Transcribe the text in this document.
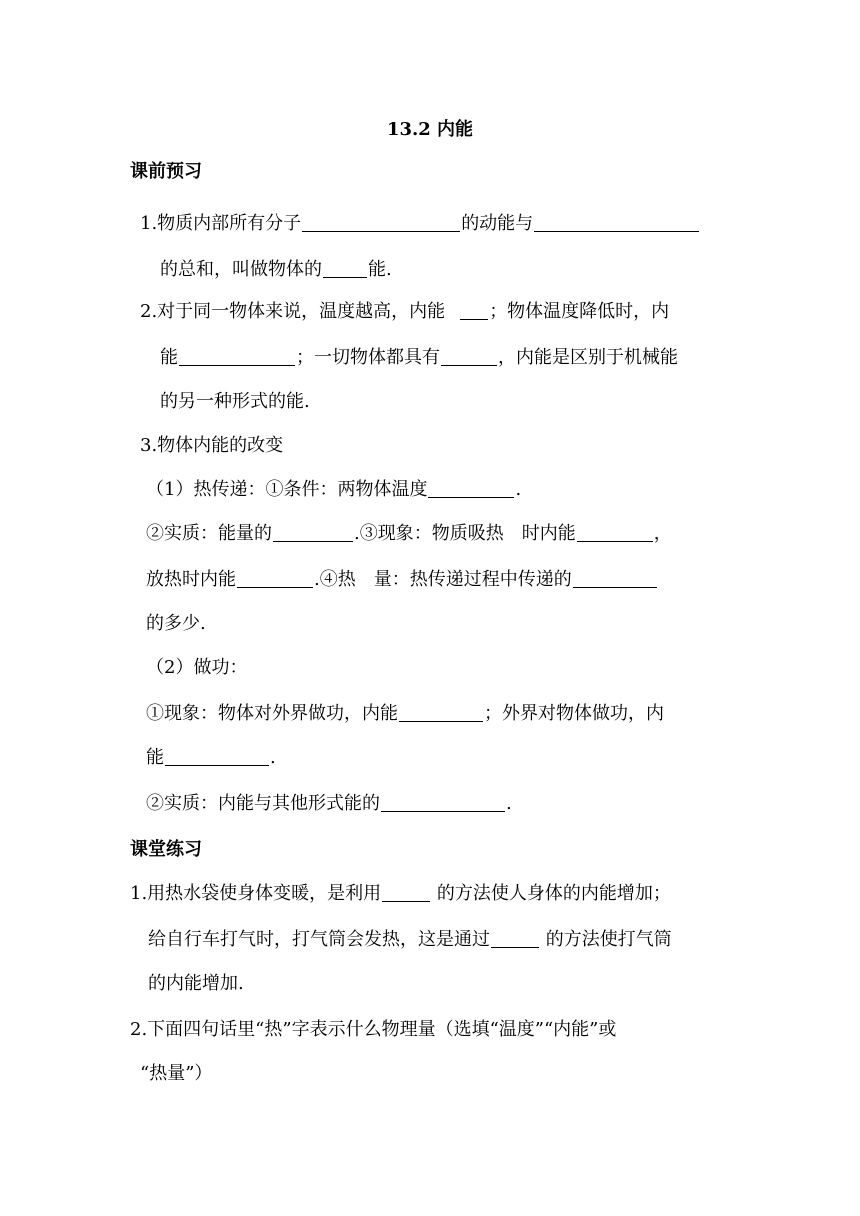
13.2 内能
课前预习
1.物质内部所有分子	的动能与
的总和，叫做物体的	能.
2.对于同一物体来说，温度越高，内能 ；物体温度降低时，内
能	；一切物体都具有	，内能是区别于机械能
的另一种形式的能.
3.物体内能的改变
（1）热传递：①条件：两物体温度	.
②实质：能量的	.③现象：物质吸热　时内能	，
放热时内能	.④热　量：热传递过程中传递的
的多少.
（2）做功：
①现象：物体对外界做功，内能	；外界对物体做功，内
能	.
②实质：内能与其他形式能的	.
课堂练习
1.用热水袋使身体变暖，是利用	的方法使人身体的内能增加；
给自行车打气时，打气筒会发热，这是通过	的方法使打气筒
的内能增加.
2.下面四句话里“热”字表示什么物理量（选填“温度”“内能”或
“热量”）
